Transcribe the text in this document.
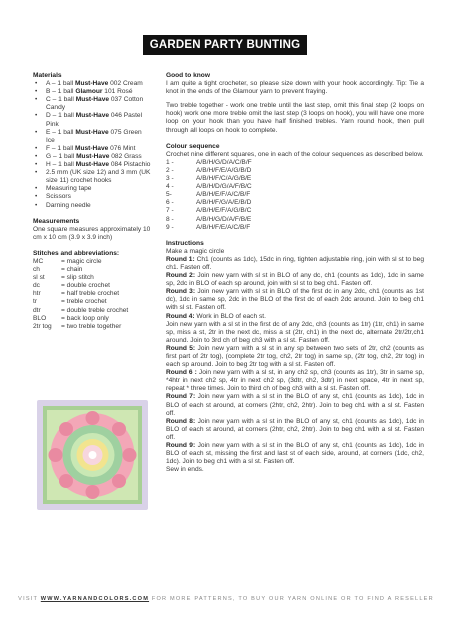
GARDEN PARTY BUNTING

Materials

• A – 1 ball Must-Have 002 Cream
• B – 1 ball Glamour 101 Rosé
• C – 1 ball Must-Have 037 Cotton Candy
• D – 1 ball Must-Have 046 Pastel Pink
• E – 1 ball Must-Have 075 Green Ice
• F – 1 ball Must-Have 076 Mint
• G – 1 ball Must-Have 082 Grass
• H – 1 ball Must-Have 084 Pistachio
• 2.5 mm (UK size 12) and 3 mm (UK size 11) crochet hooks
• Measuring tape
• Scissors
• Darning needle

Measurements

One square measures approximately 10 cm x 10 cm (3.9 x 3.9 inch)

Stitches and abbreviations:

MC	= magic circle
ch	= chain
sl st	= slip stitch
dc	= double crochet
htr	= half treble crochet
tr	= treble crochet
dtr	= double treble crochet
BLO	= back loop only
2tr tog	= two treble together

Good to know

I am quite a tight crocheter, so please size down with your hook accordingly. Tip: Tie a knot in the ends of the Glamour yarn to prevent fraying.

Two treble together - work one treble until the last step, omit this final step (2 loops on hook) work one more treble omit the last step (3 loops on hook), you will have one more loop on your hook than you have half finished trebles. Yarn round hook, then pull through all loops on hook to complete.

Colour sequence

Crochet nine different squares, one in each of the colour sequences as described below.

1 -	A/B/H/G/D/A/C/B/F
2 -	A/B/H/F/E/A/G/B/D
3 -	A/B/H/F/C/A/G/B/E
4 -	A/B/H/D/G/A/F/B/C
5-	A/B/H/E/F/A/C/B/F
6 -	A/B/H/F/G/A/E/B/D
7 -	A/B/H/E/F/A/G/B/C
8 -	A/B/H/G/D/A/F/B/E
9 -	A/B/H/F/E/A/C/B/F

Instructions

Make a magic circle

Round 1: Ch1 (counts as 1dc), 15dc in ring, tighten adjustable ring, join with sl st to beg ch1. Fasten off.

Round 2: Join new yarn with sl st in BLO of any dc, ch1 (counts as 1dc), 1dc in same sp, 2dc in BLO of each sp around, join with sl st to beg ch1. Fasten off.

Round 3: Join new yarn with sl st in BLO of the first dc in any 2dc, ch1 (counts as 1st dc), 1dc in same sp, 2dc in the BLO of the first dc of each 2dc around. Join to beg ch1 with sl st. Fasten off.

Round 4: Work in BLO of each st.
Join new yarn with a sl st in the first dc of any 2dc, ch3 (counts as 1tr) (1tr, ch1) in same sp, miss a st, 2tr in the next dc, miss a st (2tr, ch1) in the next dc, alternate 2tr/2tr,ch1 around. Join to 3rd ch of beg ch3 with a sl st. Fasten off.

Round 5: Join new yarn with a sl st in any sp between two sets of 2tr, ch2 (counts as first part of 2tr tog), (complete 2tr tog, ch2, 2tr tog) in same sp, (2tr tog, ch2, 2tr tog) in each sp around. Join to beg 2tr tog with a sl st. Fasten off.

Round 6 : Join new yarn with a sl st, in any ch2 sp, ch3 (counts as 1tr), 3tr in same sp, *4htr in next ch2 sp, 4tr in next ch2 sp, (3dtr, ch2, 3dtr) in next space, 4tr in next sp, repeat * three times. Join to third ch of beg ch3 with a sl st. Fasten off.

Round 7: Join new yarn with a sl st in the BLO of any st, ch1 (counts as 1dc), 1dc in BLO of each st around, at corners (2htr, ch2, 2htr). Join to beg ch1 with a sl st. Fasten off.

Round 8: Join new yarn with a sl st in the BLO of any st, ch1 (counts as 1dc), 1dc in BLO of each st around, at corners (2htr, ch2, 2htr). Join to beg ch1 with a sl st. Fasten off.

Round 9: Join new yarn with a sl st in the BLO of any st, ch1 (counts as 1dc), 1dc in BLO of each st, missing the first and last st of each side, around, at corners (1dc, ch2, 1dc). Join to beg ch1 with a sl st. Fasten off.
Sew in ends.

VISIT WWW.YARNANDCOLORS.COM FOR MORE PATTERNS, TO BUY OUR YARN ONLINE OR TO FIND A RESELLER
